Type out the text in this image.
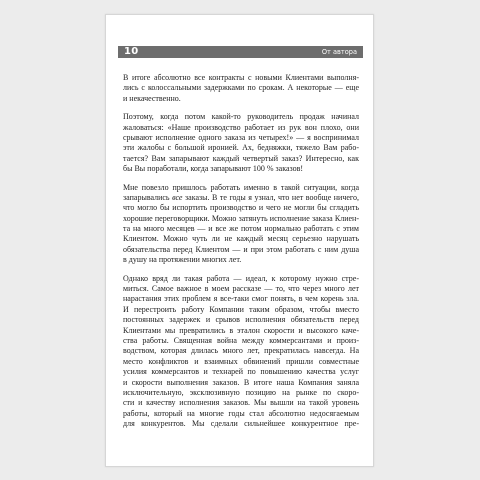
10	От автора
В итоге абсолютно все контракты с новыми Клиентами выполня-
лись с колоссальными задержками по срокам. А некоторые — еще
и некачественно.
Поэтому, когда потом какой-то руководитель продаж начинал
жаловаться: «Наше производство работает из рук вон плохо, они
срывают исполнение одного заказа из четырех!» — я воспринимал
эти жалобы с большой иронией. Ах, бедняжки, тяжело Вам рабо-
тается? Вам запарывают каждый четвертый заказ? Интересно, как
бы Вы поработали, когда запарывают 100 % заказов!
Мне повезло пришлось работать именно в такой ситуации, когда
запарывались все заказы. В те годы я узнал, что нет вообще ничего,
что могло бы испортить производство и чего не могли бы сгладить
хорошие переговорщики. Можно затянуть исполнение заказа Клиен-
та на много месяцев — и все же потом нормально работать с этим
Клиентом. Можно чуть ли не каждый месяц серьезно нарушать
обязательства перед Клиентом — и при этом работать с ним душа
в душу на протяжении многих лет.
Однако вряд ли такая работа — идеал, к которому нужно стре-
миться. Самое важное в моем рассказе — то, что через много лет
нарастания этих проблем я все-таки смог понять, в чем корень зла.
И перестроить работу Компании таким образом, чтобы вместо
постоянных задержек и срывов исполнения обязательств перед
Клиентами мы превратились в эталон скорости и высокого каче-
ства работы. Священная война между коммерсантами и произ-
водством, которая длилась много лет, прекратилась навсегда. На
место конфликтов и взаимных обвинений пришли совместные
усилия коммерсантов и технарей по повышению качества услуг
и скорости выполнения заказов. В итоге наша Компания заняла
исключительную, эксклюзивную позицию на рынке по скоро-
сти и качеству исполнения заказов. Мы вышли на такой уровень
работы, который на многие годы стал абсолютно недосягаемым
для конкурентов. Мы сделали сильнейшее конкурентное пре-
